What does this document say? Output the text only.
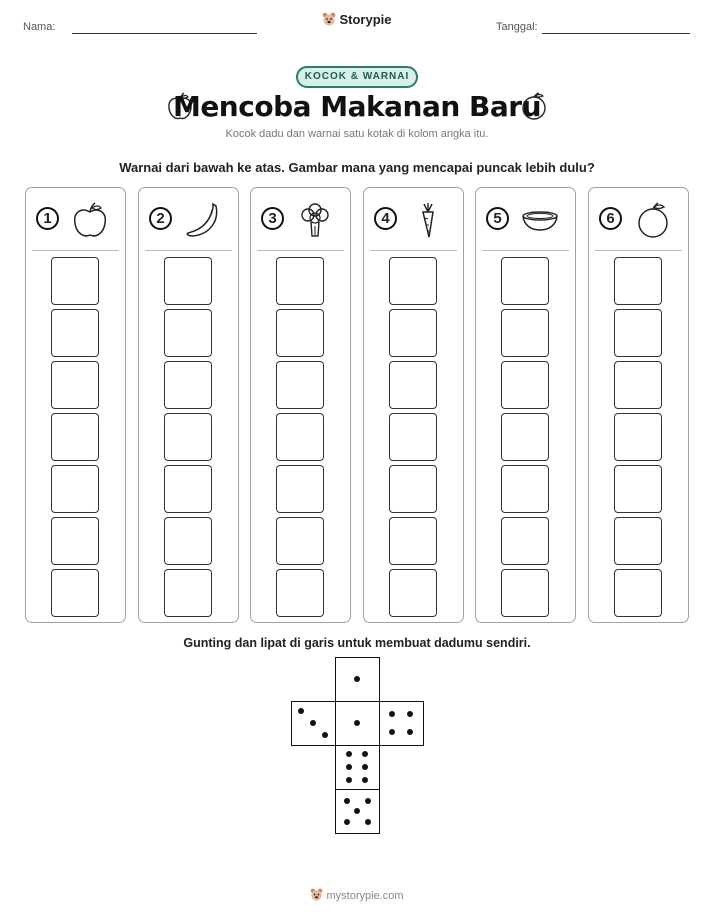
Nama:	Storypie	Tanggal:
KOCOK & WARNAI
Mencoba Makanan Baru
Kocok dadu dan warnai satu kotak di kolom angka itu.
Warnai dari bawah ke atas. Gambar mana yang mencapai puncak lebih dulu?
1	2	3	4	5	6
Gunting dan lipat di garis untuk membuat dadumu sendiri.
mystorypie.com
